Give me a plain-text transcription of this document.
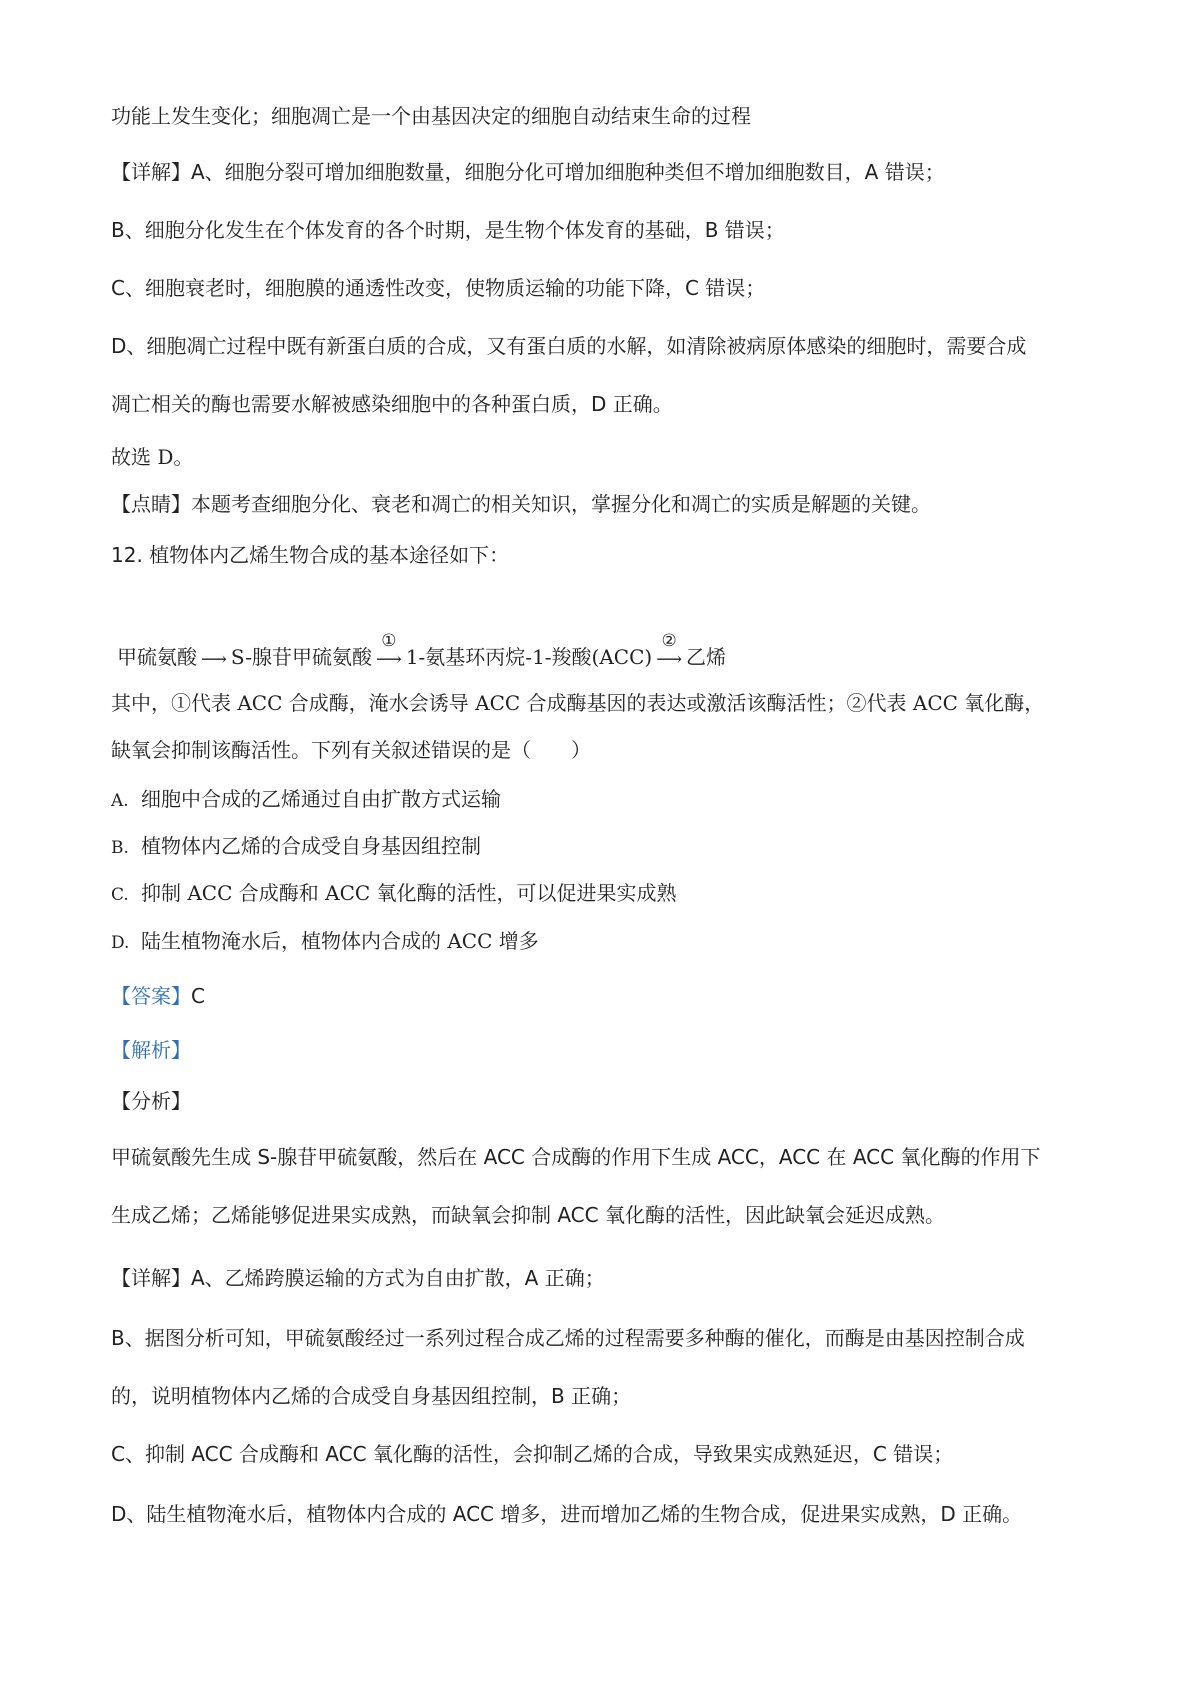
功能上发生变化；细胞凋亡是一个由基因决定的细胞自动结束生命的过程
【详解】A、细胞分裂可增加细胞数量，细胞分化可增加细胞种类但不增加细胞数目，A 错误；
B、细胞分化发生在个体发育的各个时期，是生物个体发育的基础，B 错误；
C、细胞衰老时，细胞膜的通透性改变，使物质运输的功能下降，C 错误；
D、细胞凋亡过程中既有新蛋白质的合成，又有蛋白质的水解，如清除被病原体感染的细胞时，需要合成
凋亡相关的酶也需要水解被感染细胞中的各种蛋白质，D 正确。
故选 D。
【点睛】本题考查细胞分化、衰老和凋亡的相关知识，掌握分化和凋亡的实质是解题的关键。
12. 植物体内乙烯生物合成的基本途径如下：
甲硫氨酸 ⟶ S-腺苷甲硫氨酸
①
⟶ 1-氨基环丙烷-1-羧酸(ACC)
②
⟶ 乙烯
其中，①代表 ACC 合成酶，淹水会诱导 ACC 合成酶基因的表达或激活该酶活性；②代表 ACC 氧化酶，
缺氧会抑制该酶活性。下列有关叙述错误的是（　　）
A. 细胞中合成的乙烯通过自由扩散方式运输
B. 植物体内乙烯的合成受自身基因组控制
C. 抑制 ACC 合成酶和 ACC 氧化酶的活性，可以促进果实成熟
D. 陆生植物淹水后，植物体内合成的 ACC 增多
【答案】C
【解析】
【分析】
甲硫氨酸先生成 S-腺苷甲硫氨酸，然后在 ACC 合成酶的作用下生成 ACC，ACC 在 ACC 氧化酶的作用下
生成乙烯；乙烯能够促进果实成熟，而缺氧会抑制 ACC 氧化酶的活性，因此缺氧会延迟成熟。
【详解】A、乙烯跨膜运输的方式为自由扩散，A 正确；
B、据图分析可知，甲硫氨酸经过一系列过程合成乙烯的过程需要多种酶的催化，而酶是由基因控制合成
的，说明植物体内乙烯的合成受自身基因组控制，B 正确；
C、抑制 ACC 合成酶和 ACC 氧化酶的活性，会抑制乙烯的合成，导致果实成熟延迟，C 错误；
D、陆生植物淹水后，植物体内合成的 ACC 增多，进而增加乙烯的生物合成，促进果实成熟，D 正确。
